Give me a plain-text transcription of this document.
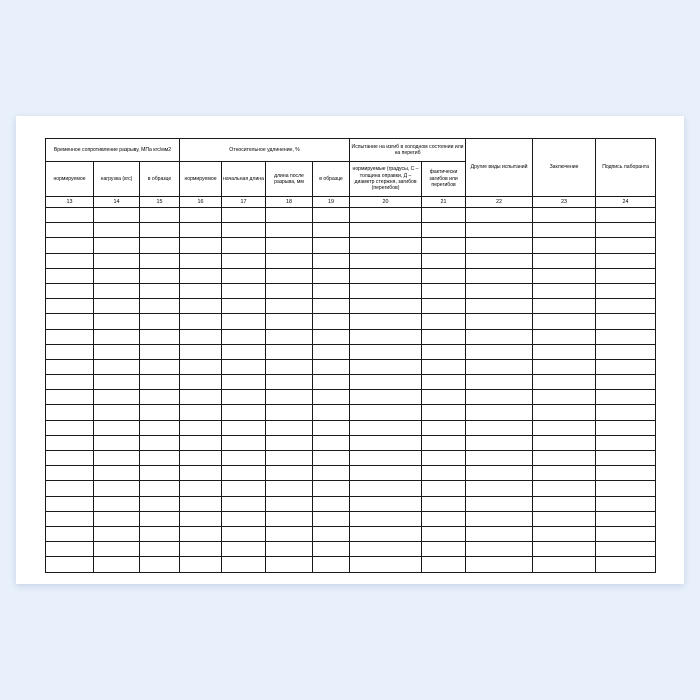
Временное сопротивление разрыву, МПа кгс/мм2			Относительное удлинение, %				Испытание на изгиб в холодном состоянии или на перегиб		Другие виды испытаний	Заключение	Подпись лаборанта
нормируемое	нагрузка (кгс)	в образце	нормируемое	начальная длина	длина после разрыва, мм	в образце	нормируемые (градусы, С – толщина оправки, Д – диаметр стержня, загибов (перегибов)	фактически загибов или перегибов			
13	14	15	16	17	18	19	20	21	22	23	24
